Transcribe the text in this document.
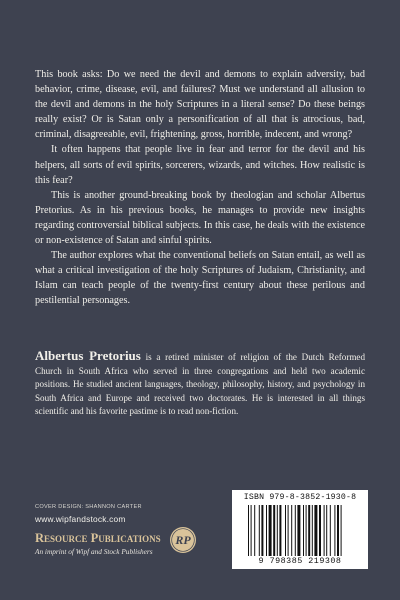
This book asks: Do we need the devil and demons to explain adversity, bad behavior, crime, disease, evil, and failures? Must we understand all allusion to the devil and demons in the holy Scriptures in a literal sense? Do these beings really exist? Or is Satan only a personification of all that is atrocious, bad, criminal, disagreeable, evil, frightening, gross, horrible, indecent, and wrong?

It often happens that people live in fear and terror for the devil and his helpers, all sorts of evil spirits, sorcerers, wizards, and witches. How realistic is this fear?

This is another ground-breaking book by theologian and scholar Albertus Pretorius. As in his previous books, he manages to provide new insights regarding controversial biblical subjects. In this case, he deals with the existence or non-existence of Satan and sinful spirits.

The author explores what the conventional beliefs on Satan entail, as well as what a critical investigation of the holy Scriptures of Judaism, Christianity, and Islam can teach people of the twenty-first century about these perilous and pestilential personages.

Albertus Pretorius is a retired minister of religion of the Dutch Reformed Church in South Africa who served in three congregations and held two academic positions. He studied ancient languages, theology, philosophy, history, and psychology in South Africa and Europe and received two doctorates. He is interested in all things scientific and his favorite pastime is to read non-fiction.

COVER DESIGN: SHANNON CARTER
www.wipfandstock.com
Resource Publications
An imprint of Wipf and Stock Publishers
RP
ISBN 979-8-3852-1930-8
9 798385 219308
